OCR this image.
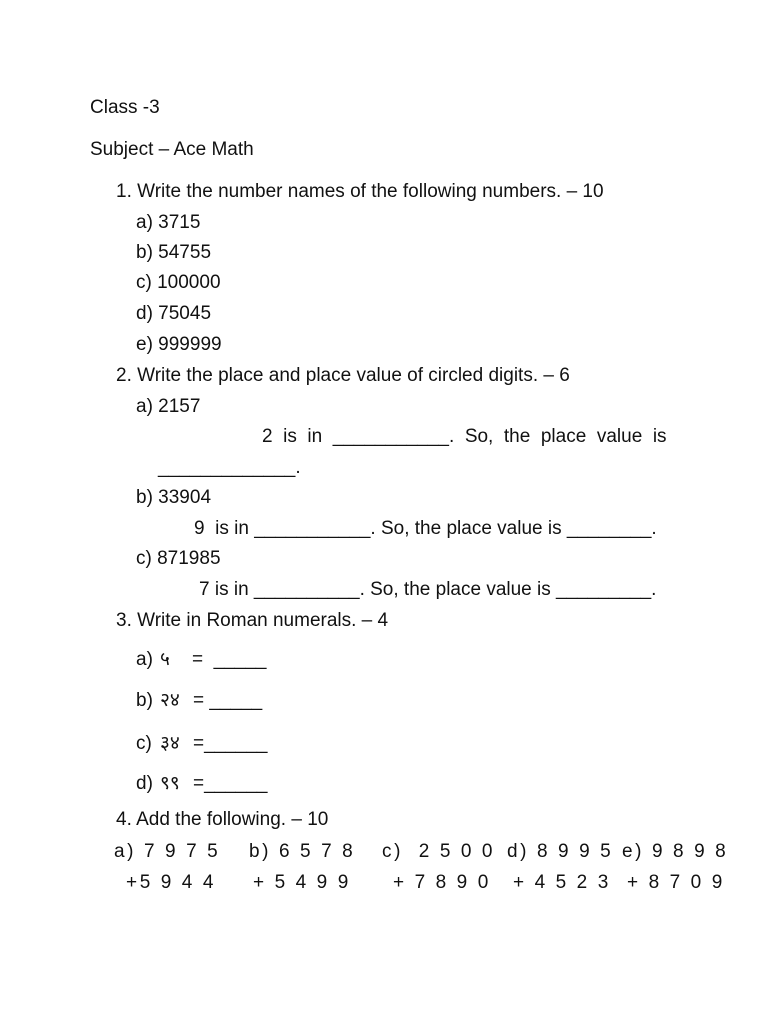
Class -3
Subject – Ace Math
1. Write the number names of the following numbers. – 10
a) 3715
b) 54755
c) 100000
d) 75045
e) 999999
2. Write the place and place value of circled digits. – 6
a) 2157
2  is  in  ___________.  So,  the  place  value  is
_____________.
b) 33904
9  is in ___________. So, the place value is ________.
c) 871985
7 is in __________. So, the place value is _________.
3. Write in Roman numerals. – 4
a) ५ =  _____
b) २४ = _____
c) ३४ =______
d) ९९ =______
4. Add the following. – 10
a) 7 9 7 5
+5 9 4 4
b) 6 5 7 8
+ 5 4 9 9
c)  2 5 0 0
+ 7 8 9 0
d) 8 9 9 5
+ 4 5 2 3
e) 9 8 9 8
+ 8 7 0 9
